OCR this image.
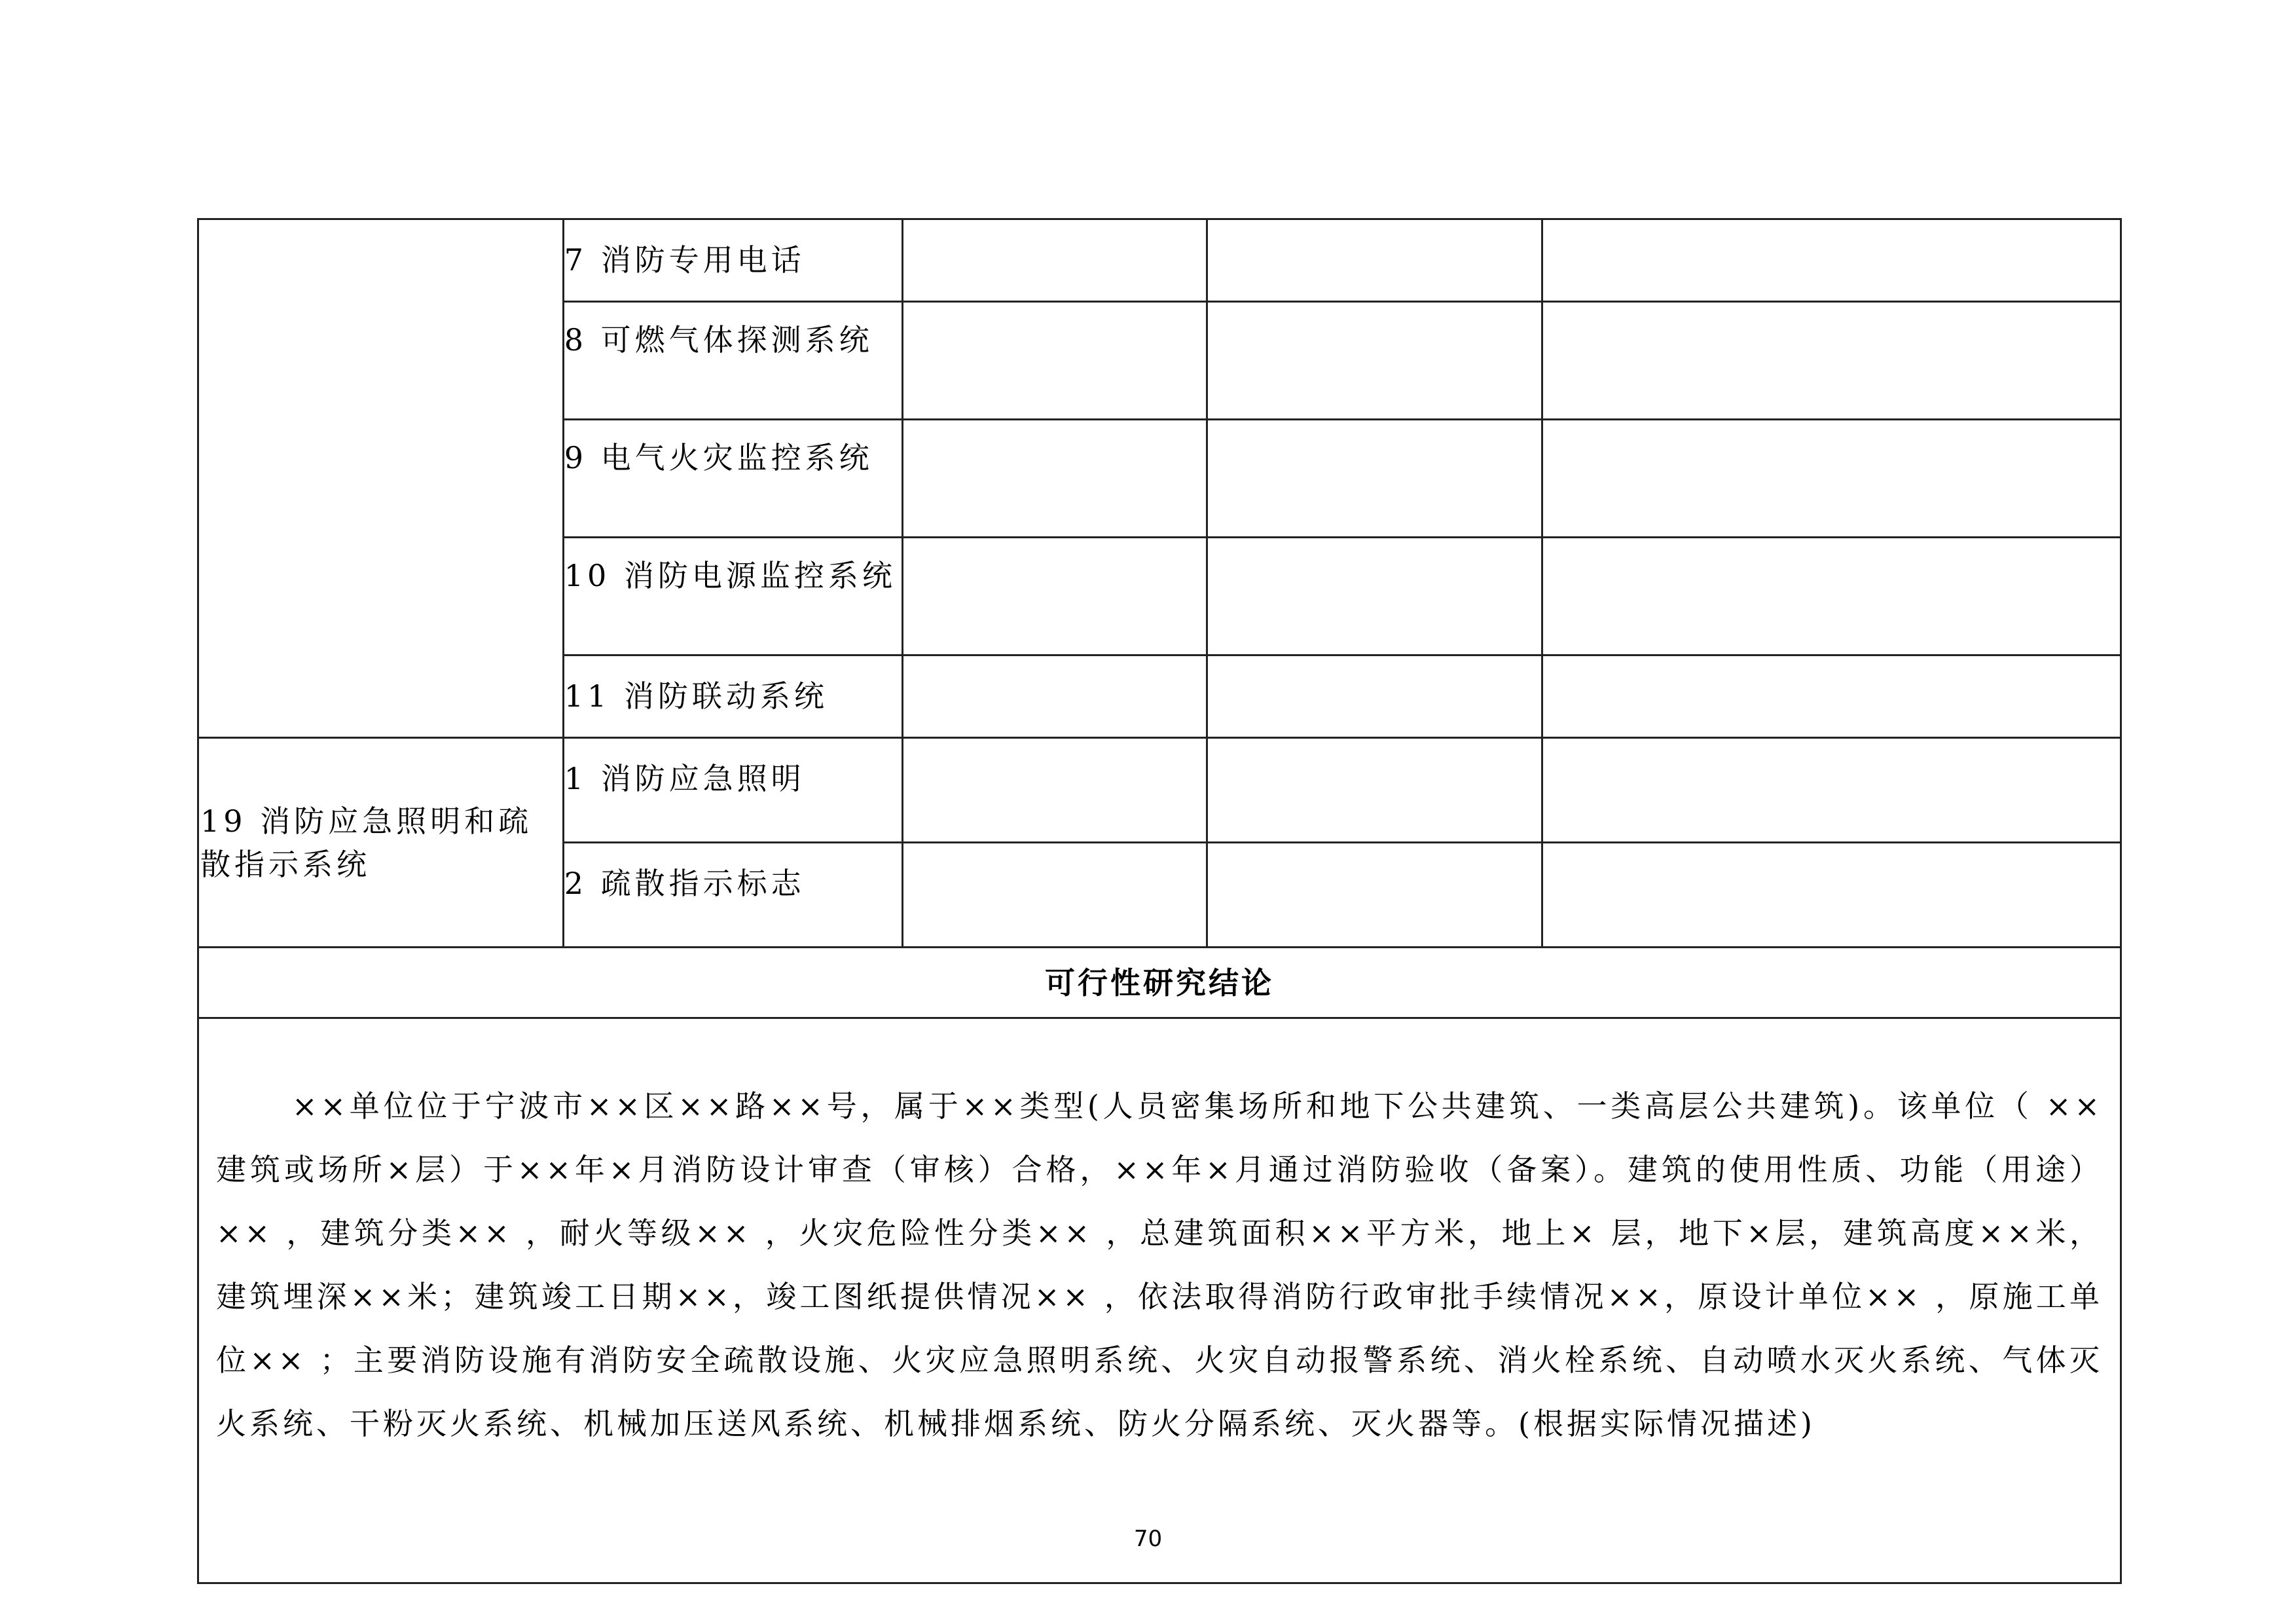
	7 消防专用电话			
	8 可燃气体探测系统			
	9 电气火灾监控系统			
	10 消防电源监控系统			
	11 消防联动系统			
19 消防应急照明和疏散指示系统	1 消防应急照明			
	2 疏散指示标志			
可行性研究结论				

××单位位于宁波市××区××路××号，属于××类型(人员密集场所和地下公共建筑、一类高层公共建筑)。该单位（ ××建筑或场所×层）于××年×月消防设计审查（审核）合格，××年×月通过消防验收（备案）。建筑的使用性质、功能（用途）×× ，建筑分类×× ，耐火等级×× ，火灾危险性分类×× ，总建筑面积××平方米，地上× 层，地下×层，建筑高度××米，建筑埋深××米；建筑竣工日期××，竣工图纸提供情况×× ，依法取得消防行政审批手续情况××，原设计单位×× ，原施工单位×× ；主要消防设施有消防安全疏散设施、火灾应急照明系统、火灾自动报警系统、消火栓系统、自动喷水灭火系统、气体灭火系统、干粉灭火系统、机械加压送风系统、机械排烟系统、防火分隔系统、灭火器等。(根据实际情况描述)				

70
